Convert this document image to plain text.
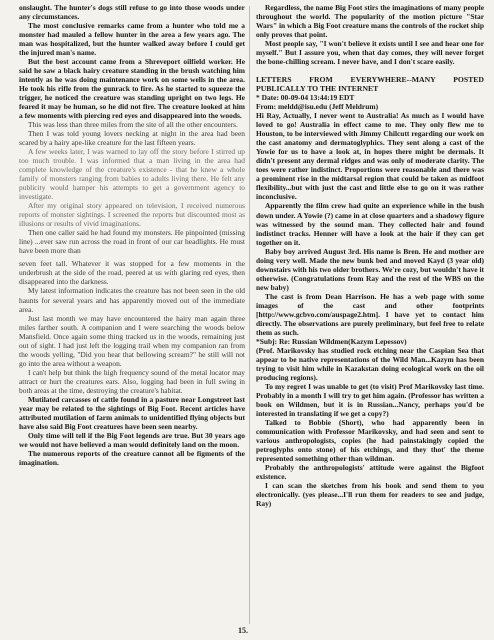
onslaught. The hunter's dogs still refuse to go into those woods under any circumstances.

The most conclusive remarks came from a hunter who told me a monster had mauled a fellow hunter in the area a few years ago. The man was hospitalized, but the hunter walked away before I could get the injured man's name.

But the best account came from a Shreveport oilfield worker. He said he saw a black hairy creature standing in the brush watching him intently as he was doing maintenance work on some wells in the area. He took his rifle from the gunrack to fire. As he started to squeeze the trigger, he noticed the creature was standing upright on two legs. He feared it may be human, so he did not fire. The creature looked at him a few moments with piercing red eyes and disappeared into the woods.

This was less than three miles from the site of all the other encounters.

Then I was told young lovers necking at night in the area had been scared by a hairy ape-like creature for the last fifteen years.

A few weeks later, I was warned to lay off the story before I stirred up too much trouble. I was informed that a man living in the area had complete knowledge of the creature's existence - that he knew a whole family of monsters ranging from babies to adults living there. He felt any publicity would hamper his attempts to get a government agency to investigate.

After my original story appeared on television, I received numerous reports of monster sightings. I screened the reports but discounted most as illusions or results of vivid imaginations.

Then one caller said he had found my monsters. He pinpointed (missing line) ...ever saw run across the road in front of our car headlights. He must have been more than

seven feet tall. Whatever it was stopped for a few moments in the underbrush at the side of the road, peered at us with glaring red eyes, then disappeared into the darkness.

My latest information indicates the creature has not been seen in the old haunts for several years and has apparently moved out of the immediate area.

Just last month we may have encountered the hairy man again three miles farther south. A companion and I were searching the woods below Mansfield. Once again some thing tracked us in the woods, remaining just out of sight. I had just left the logging trail when my companion ran from the woods yelling, "Did you hear that bellowing scream?" he still will not go into the area without a weapon.

I can't help but think the high frequency sound of the metal locator may attract or hurt the creatures ears. Also, logging had been in full swing in both areas at the time, destroying the creature's habitat.

Mutilated carcasses of cattle found in a pasture near Longstreet last year may be related to the sightings of Big Foot. Recent articles have attributed mutilation of farm animals to unidentified flying objects but have also said Big Foot creatures have been seen nearby.

Only time will tell if the Big Foot legends are true. But 30 years ago we would not have believed a man would definitely land on the moon.

The numerous reports of the creature cannot all be figments of the imagination.

Regardless, the name Big Foot stirs the imaginations of many people throughout the world. The popularity of the motion picture "Star Wars" in which a Big Foot creature mans the controls of the rocket ship only proves that point.

Most people say, "I won't believe it exists until I see and hear one for myself." But I assure you, when that day comes, they will never forget the bone-chilling scream. I never have, and I don't scare easily.

LETTERS FROM EVERYWHERE--MANY POSTED PUBLICALLY TO THE INTERNET

* Date: 00-09-04 13:44:19 EDT

From: meldd@isu.edu (Jeff Meldrum)

Hi Ray, Actually, I never went to Australia! As much as I would have loved to go! Australia in effect came to me. They only flew me to Houston, to be interviewed with Jimmy Chilcutt regarding our work on the cast anatomy and dermatoglyphics. They sent along a cast of the Yowie for us to have a look at, in hopes there might be dermals. It didn't present any dermal ridges and was only of moderate clarity. The toes were rather indistinct. Proportions were reasonable and there was a prominent rise in the midtarsal region that could be taken as midfoot flexibility...but with just the cast and little else to go on it was rather inconclusive.

Apparently the film crew had quite an experience while in the bush down under. A Yowie (?) came in at close quarters and a shadowy figure was witnessed by the sound man. They collected hair and found indistinct tracks. Henner will have a look at the hair if they can get together on it.

Baby boy arrived August 3rd. His name is Bren. He and mother are doing very well. Made the new bunk bed and moved Kayd (3 year old) downstairs with his two older brothers. We're cozy, but wouldn't have it otherwise. (Congratulations from Ray and the rest of the WBS on the new baby)

The cast is from Dean Harrison. He has a web page with some images of the cast and other footprints [http://www.gcbvo.com/auspage2.htm]. I have yet to contact him directly. The observations are purely preliminary, but feel free to relate them as such.

*Subj: Re: Russian Wildmen(Kazym Lepessov)

(Prof. Marikovsky has studied rock etching near the Caspian Sea that appear to be native representations of the Wild Man...Kazym has been trying to visit him while in Kazakstan doing ecological work on the oil producing regions).

To my regret I was unable to get (to visit) Prof Marikovsky last time. Probably in a month I will try to get him again. (Professor has written a book on Wildmen, but it is in Russian...Nancy, perhaps you'd be interested in translating if we get a copy?)

Talked to Bobbie (Short), who had apparently been in communication with Professor Marikovsky, and had seen and sent to various anthropologists, copies (he had painstakingly copied the petroglyphs onto stone) of his etchings, and they thot' the theme represented something other than wildman.

Probably the anthropologists' attitude were against the Bigfoot existence.

I can scan the sketches from his book and send them to you electronically. (yes please...I'll run them for readers to see and judge, Ray)

15.
